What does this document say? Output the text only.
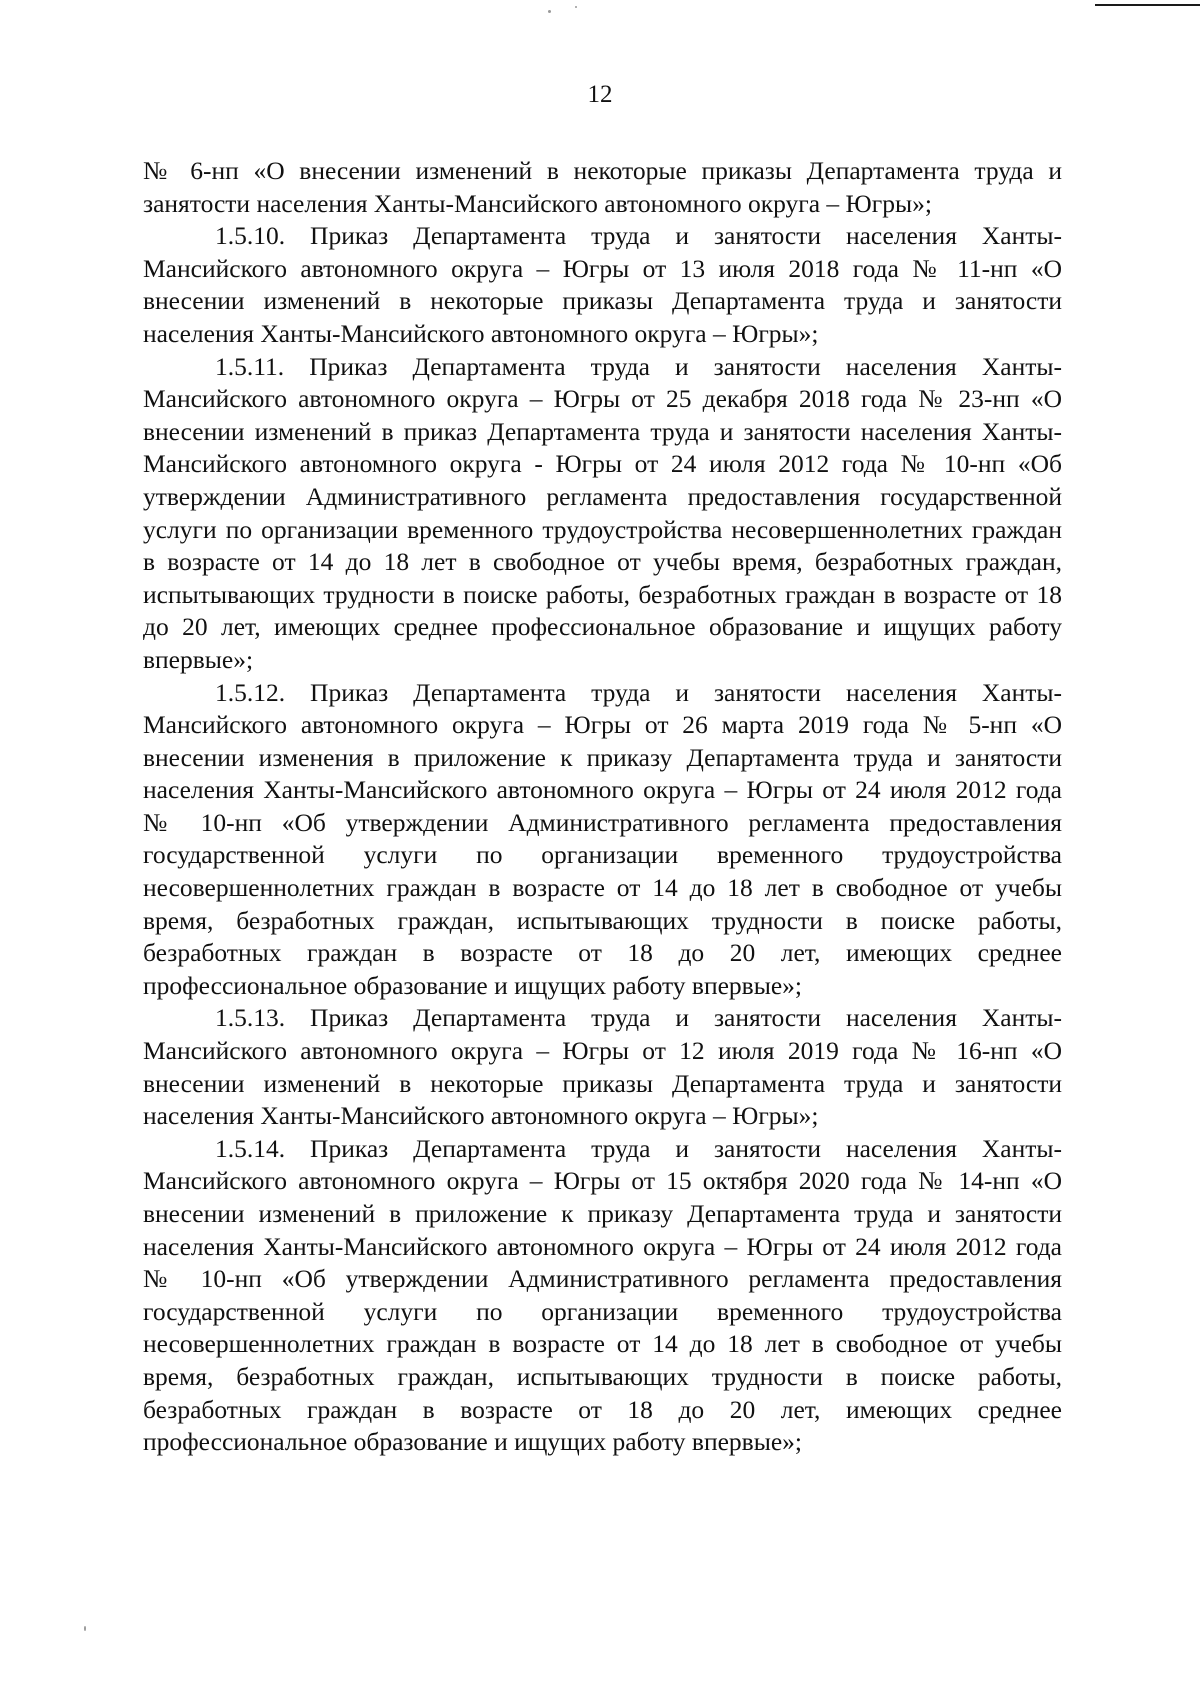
12

№ 6-нп «О внесении изменений в некоторые приказы Департамента труда и занятости населения Ханты-Мансийского автономного округа – Югры»;

1.5.10. Приказ Департамента труда и занятости населения Ханты-Мансийского автономного округа – Югры от 13 июля 2018 года № 11-нп «О внесении изменений в некоторые приказы Департамента труда и занятости населения Ханты-Мансийского автономного округа – Югры»;

1.5.11. Приказ Департамента труда и занятости населения Ханты-Мансийского автономного округа – Югры от 25 декабря 2018 года № 23-нп «О внесении изменений в приказ Департамента труда и занятости населения Ханты-Мансийского автономного округа - Югры от 24 июля 2012 года № 10-нп «Об утверждении Административного регламента предоставления государственной услуги по организации временного трудоустройства несовершеннолетних граждан в возрасте от 14 до 18 лет в свободное от учебы время, безработных граждан, испытывающих трудности в поиске работы, безработных граждан в возрасте от 18 до 20 лет, имеющих среднее профессиональное образование и ищущих работу впервые»;

1.5.12. Приказ Департамента труда и занятости населения Ханты-Мансийского автономного округа – Югры от 26 марта 2019 года № 5-нп «О внесении изменения в приложение к приказу Департамента труда и занятости населения Ханты-Мансийского автономного округа – Югры от 24 июля 2012 года № 10-нп «Об утверждении Административного регламента предоставления государственной услуги по организации временного трудоустройства несовершеннолетних граждан в возрасте от 14 до 18 лет в свободное от учебы время, безработных граждан, испытывающих трудности в поиске работы, безработных граждан в возрасте от 18 до 20 лет, имеющих среднее профессиональное образование и ищущих работу впервые»;

1.5.13. Приказ Департамента труда и занятости населения Ханты-Мансийского автономного округа – Югры от 12 июля 2019 года № 16-нп «О внесении изменений в некоторые приказы Департамента труда и занятости населения Ханты-Мансийского автономного округа – Югры»;

1.5.14. Приказ Департамента труда и занятости населения Ханты-Мансийского автономного округа – Югры от 15 октября 2020 года № 14-нп «О внесении изменений в приложение к приказу Департамента труда и занятости населения Ханты-Мансийского автономного округа – Югры от 24 июля 2012 года № 10-нп «Об утверждении Административного регламента предоставления государственной услуги по организации временного трудоустройства несовершеннолетних граждан в возрасте от 14 до 18 лет в свободное от учебы время, безработных граждан, испытывающих трудности в поиске работы, безработных граждан в возрасте от 18 до 20 лет, имеющих среднее профессиональное образование и ищущих работу впервые»;
